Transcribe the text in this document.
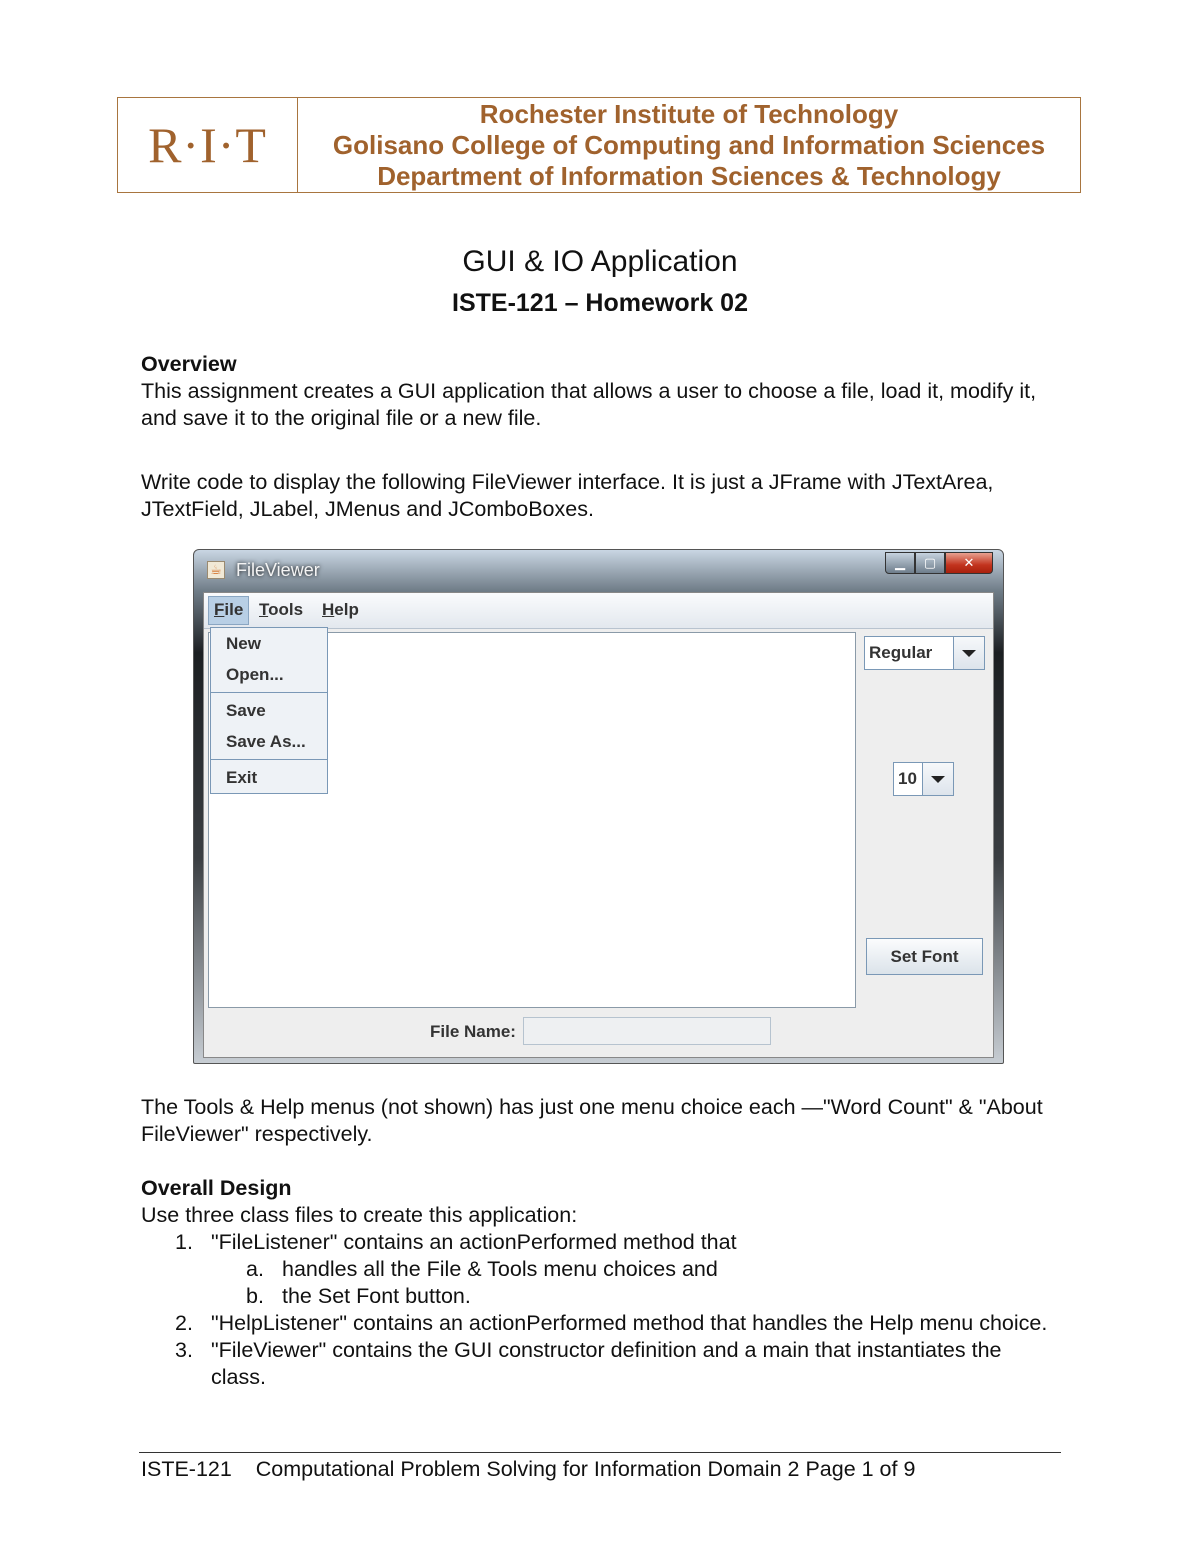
R·I·T
Rochester Institute of Technology
Golisano College of Computing and Information Sciences
Department of Information Sciences & Technology
GUI & IO Application
ISTE-121 – Homework 02
Overview
This assignment creates a GUI application that allows a user to choose a file, load it, modify it, and save it to the original file or a new file.
Write code to display the following FileViewer interface. It is just a JFrame with JTextArea, JTextField, JLabel, JMenus and JComboBoxes.
☕ FileViewer	▁	▢	✕
File Tools Help
New
Open...
Save
Save As...
Exit
Regular
10
Set Font
File Name:
The Tools & Help menus (not shown) has just one menu choice each —"Word Count" & "About FileViewer" respectively.
Overall Design
Use three class files to create this application:
1. "FileListener" contains an actionPerformed method that
a. handles all the File & Tools menu choices and
b. the Set Font button.
2. "HelpListener" contains an actionPerformed method that handles the Help menu choice.
3. "FileViewer" contains the GUI constructor definition and a main that instantiates the class.
ISTE-121 Computational Problem Solving for Information Domain 2 Page 1 of 9
